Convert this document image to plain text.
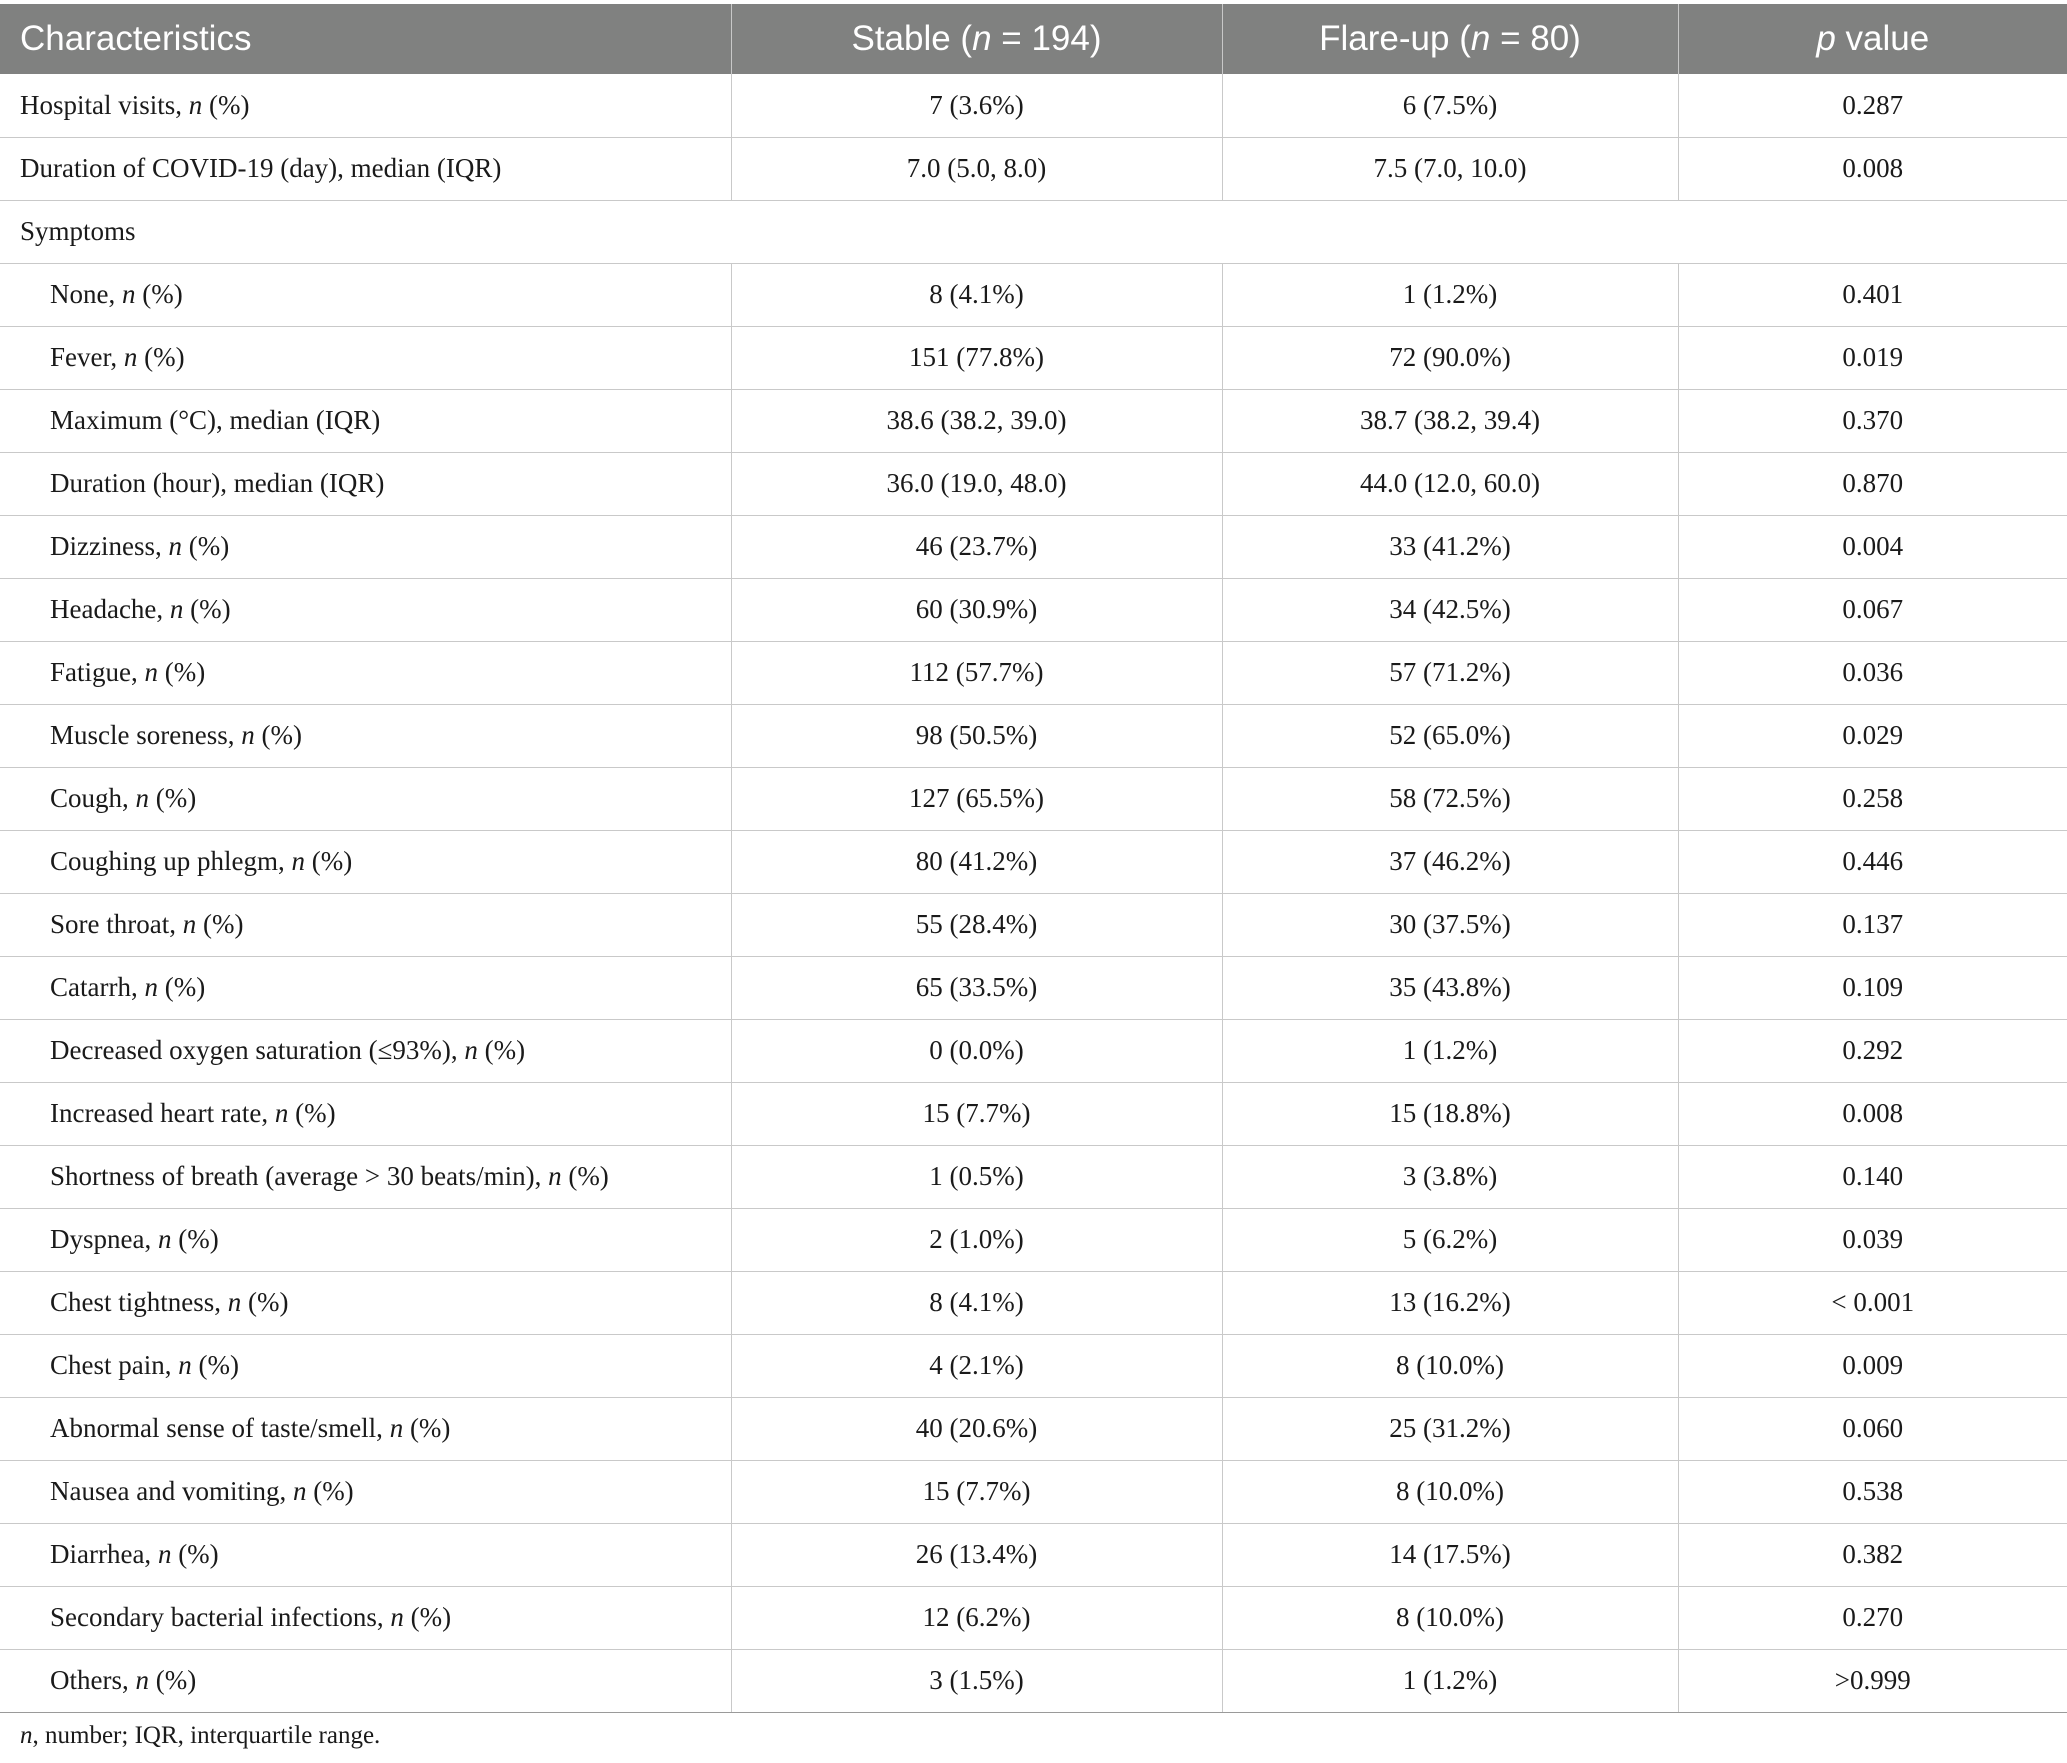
Characteristics	Stable (n = 194)	Flare-up (n = 80)	p value
Hospital visits, n (%)	7 (3.6%)	6 (7.5%)	0.287
Duration of COVID-19 (day), median (IQR)	7.0 (5.0, 8.0)	7.5 (7.0, 10.0)	0.008
Symptoms			
None, n (%)	8 (4.1%)	1 (1.2%)	0.401
Fever, n (%)	151 (77.8%)	72 (90.0%)	0.019
Maximum (°C), median (IQR)	38.6 (38.2, 39.0)	38.7 (38.2, 39.4)	0.370
Duration (hour), median (IQR)	36.0 (19.0, 48.0)	44.0 (12.0, 60.0)	0.870
Dizziness, n (%)	46 (23.7%)	33 (41.2%)	0.004
Headache, n (%)	60 (30.9%)	34 (42.5%)	0.067
Fatigue, n (%)	112 (57.7%)	57 (71.2%)	0.036
Muscle soreness, n (%)	98 (50.5%)	52 (65.0%)	0.029
Cough, n (%)	127 (65.5%)	58 (72.5%)	0.258
Coughing up phlegm, n (%)	80 (41.2%)	37 (46.2%)	0.446
Sore throat, n (%)	55 (28.4%)	30 (37.5%)	0.137
Catarrh, n (%)	65 (33.5%)	35 (43.8%)	0.109
Decreased oxygen saturation (≤93%), n (%)	0 (0.0%)	1 (1.2%)	0.292
Increased heart rate, n (%)	15 (7.7%)	15 (18.8%)	0.008
Shortness of breath (average > 30 beats/min), n (%)	1 (0.5%)	3 (3.8%)	0.140
Dyspnea, n (%)	2 (1.0%)	5 (6.2%)	0.039
Chest tightness, n (%)	8 (4.1%)	13 (16.2%)	< 0.001
Chest pain, n (%)	4 (2.1%)	8 (10.0%)	0.009
Abnormal sense of taste/smell, n (%)	40 (20.6%)	25 (31.2%)	0.060
Nausea and vomiting, n (%)	15 (7.7%)	8 (10.0%)	0.538
Diarrhea, n (%)	26 (13.4%)	14 (17.5%)	0.382
Secondary bacterial infections, n (%)	12 (6.2%)	8 (10.0%)	0.270
Others, n (%)	3 (1.5%)	1 (1.2%)	>0.999
n, number; IQR, interquartile range.
